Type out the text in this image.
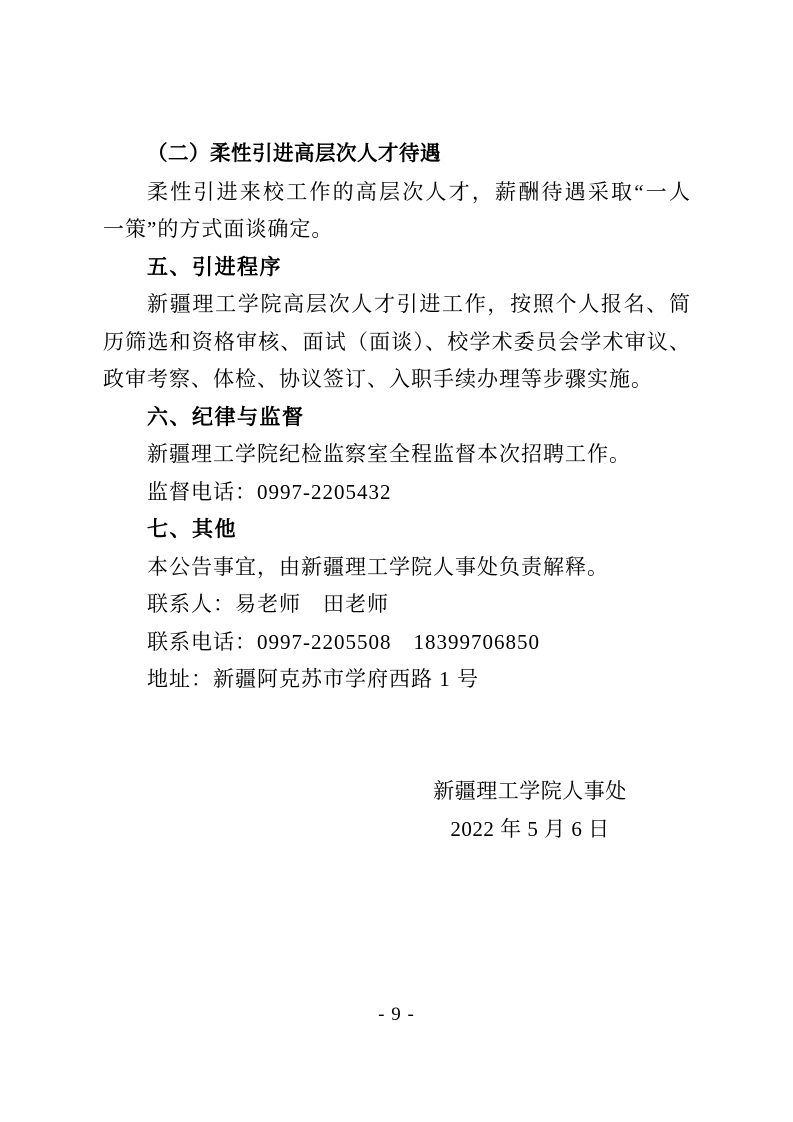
（二）柔性引进高层次人才待遇
柔性引进来校工作的高层次人才，薪酬待遇采取“一人
一策”的方式面谈确定。
五、引进程序
新疆理工学院高层次人才引进工作，按照个人报名、简
历筛选和资格审核、面试（面谈）、校学术委员会学术审议、
政审考察、体检、协议签订、入职手续办理等步骤实施。
六、纪律与监督
新疆理工学院纪检监察室全程监督本次招聘工作。
监督电话：0997-2205432
七、其他
本公告事宜，由新疆理工学院人事处负责解释。
联系人：易老师　田老师
联系电话：0997-2205508　18399706850
地址：新疆阿克苏市学府西路 1 号
新疆理工学院人事处
2022 年 5 月 6 日
- 9 -
